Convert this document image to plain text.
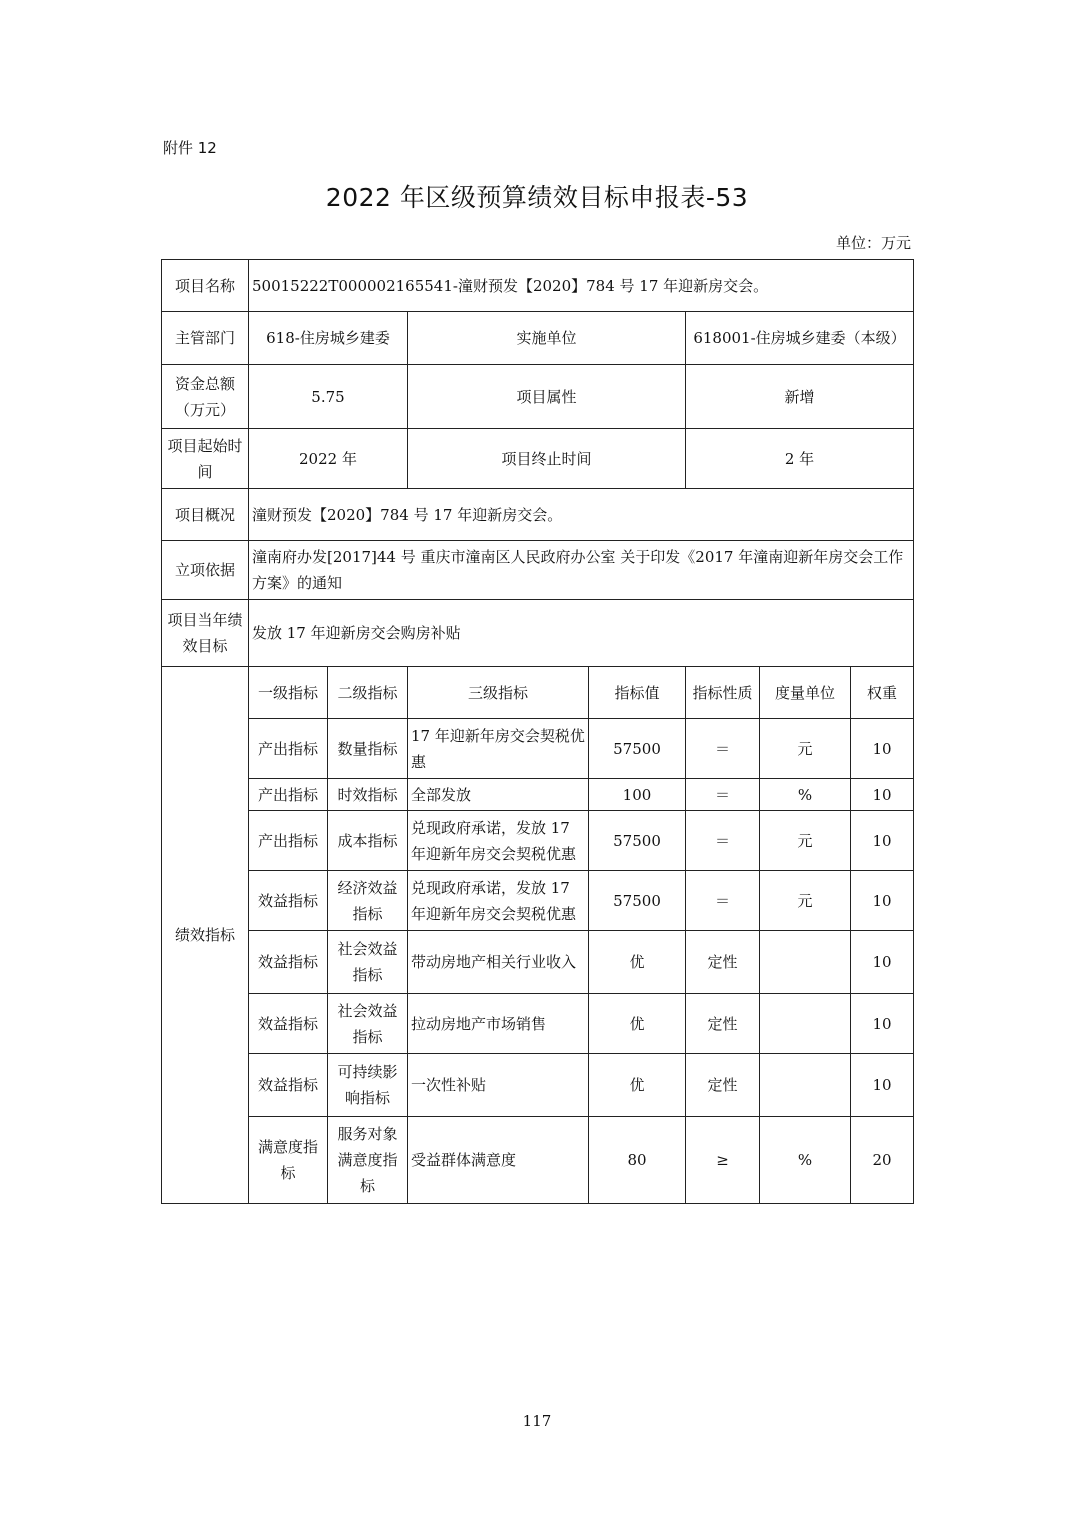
附件 12
2022 年区级预算绩效目标申报表-53
单位：万元
项目名称	50015222T000002165541-潼财预发【2020】784 号 17 年迎新房交会。						
主管部门	618-住房城乡建委		实施单位		618001-住房城乡建委（本级）		
资金总额（万元）	5.75		项目属性		新增		
项目起始时间	2022 年		项目终止时间		2 年		
项目概况	潼财预发【2020】784 号 17 年迎新房交会。						
立项依据	潼南府办发[2017]44 号 重庆市潼南区人民政府办公室 关于印发《2017 年潼南迎新年房交会工作方案》的通知						
项目当年绩效目标	发放 17 年迎新房交会购房补贴						
绩效指标	一级指标	二级指标	三级指标	指标值	指标性质	度量单位	权重
	产出指标	数量指标	17 年迎新年房交会契税优惠	57500	＝	元	10
	产出指标	时效指标	全部发放	100	＝	%	10
	产出指标	成本指标	兑现政府承诺，发放 17 年迎新年房交会契税优惠	57500	＝	元	10
	效益指标	经济效益指标	兑现政府承诺，发放 17 年迎新年房交会契税优惠	57500	＝	元	10
	效益指标	社会效益指标	带动房地产相关行业收入	优	定性		10
	效益指标	社会效益指标	拉动房地产市场销售	优	定性		10
	效益指标	可持续影响指标	一次性补贴	优	定性		10
	满意度指标	服务对象满意度指标	受益群体满意度	80	≥	%	20
117
